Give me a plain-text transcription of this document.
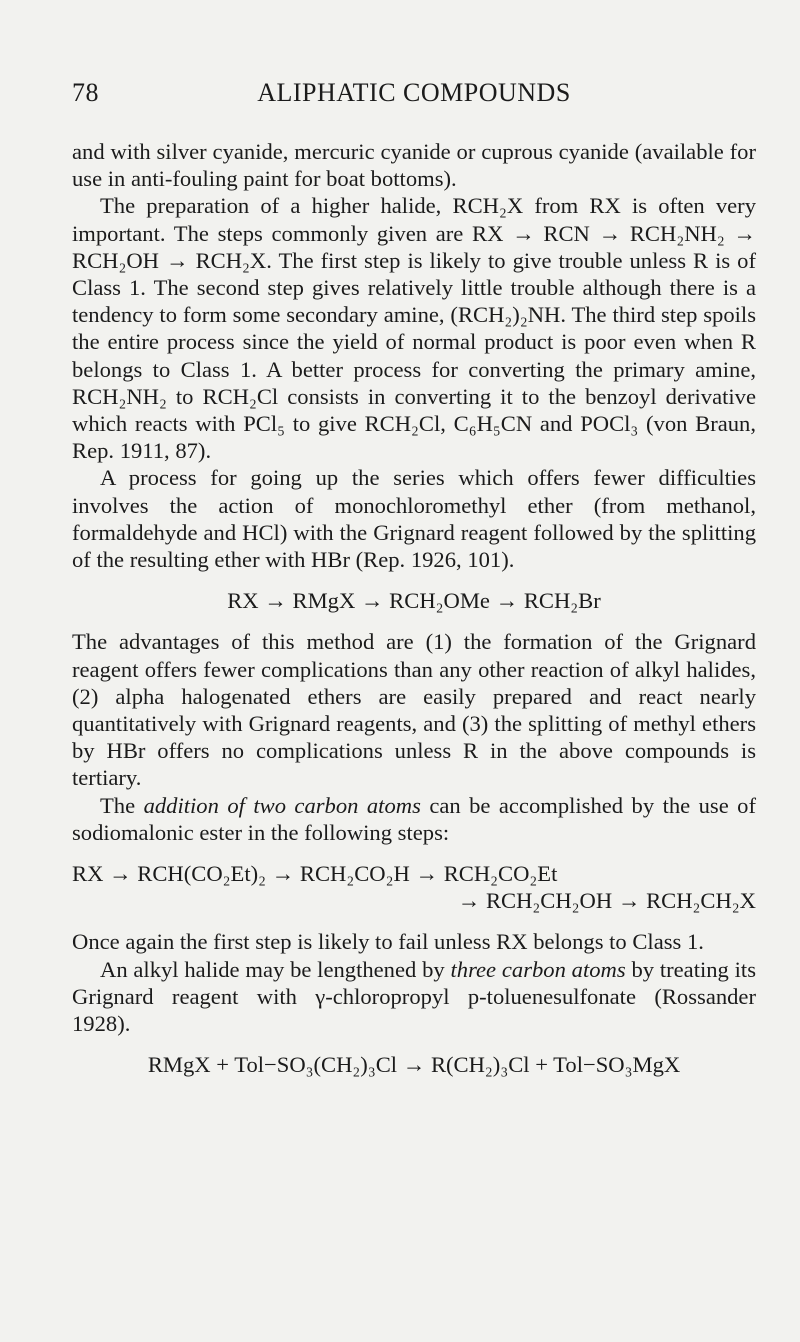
78	ALIPHATIC COMPOUNDS

and with silver cyanide, mercuric cyanide or cuprous cyanide (available for use in anti-fouling paint for boat bottoms).

The preparation of a higher halide, RCH₂X from RX is often very important. The steps commonly given are RX → RCN → RCH₂NH₂ → RCH₂OH → RCH₂X. The first step is likely to give trouble unless R is of Class 1. The second step gives relatively little trouble although there is a tendency to form some secondary amine, (RCH₂)₂NH. The third step spoils the entire process since the yield of normal product is poor even when R belongs to Class 1. A better process for converting the primary amine, RCH₂NH₂ to RCH₂Cl consists in converting it to the benzoyl derivative which reacts with PCl₅ to give RCH₂Cl, C₆H₅CN and POCl₃ (von Braun, Rep. 1911, 87).

A process for going up the series which offers fewer difficulties involves the action of monochloromethyl ether (from methanol, formaldehyde and HCl) with the Grignard reagent followed by the splitting of the resulting ether with HBr (Rep. 1926, 101).

RX → RMgX → RCH₂OMe → RCH₂Br

The advantages of this method are (1) the formation of the Grignard reagent offers fewer complications than any other reaction of alkyl halides, (2) alpha halogenated ethers are easily prepared and react nearly quantitatively with Grignard reagents, and (3) the splitting of methyl ethers by HBr offers no complications unless R in the above compounds is tertiary.

The addition of two carbon atoms can be accomplished by the use of sodiomalonic ester in the following steps:

RX → RCH(CO₂Et)₂ → RCH₂CO₂H → RCH₂CO₂Et

→ RCH₂CH₂OH → RCH₂CH₂X

Once again the first step is likely to fail unless RX belongs to Class 1.

An alkyl halide may be lengthened by three carbon atoms by treating its Grignard reagent with γ-chloropropyl p-toluenesulfonate (Rossander 1928).

RMgX + Tol−SO₃(CH₂)₃Cl → R(CH₂)₃Cl + Tol−SO₃MgX
